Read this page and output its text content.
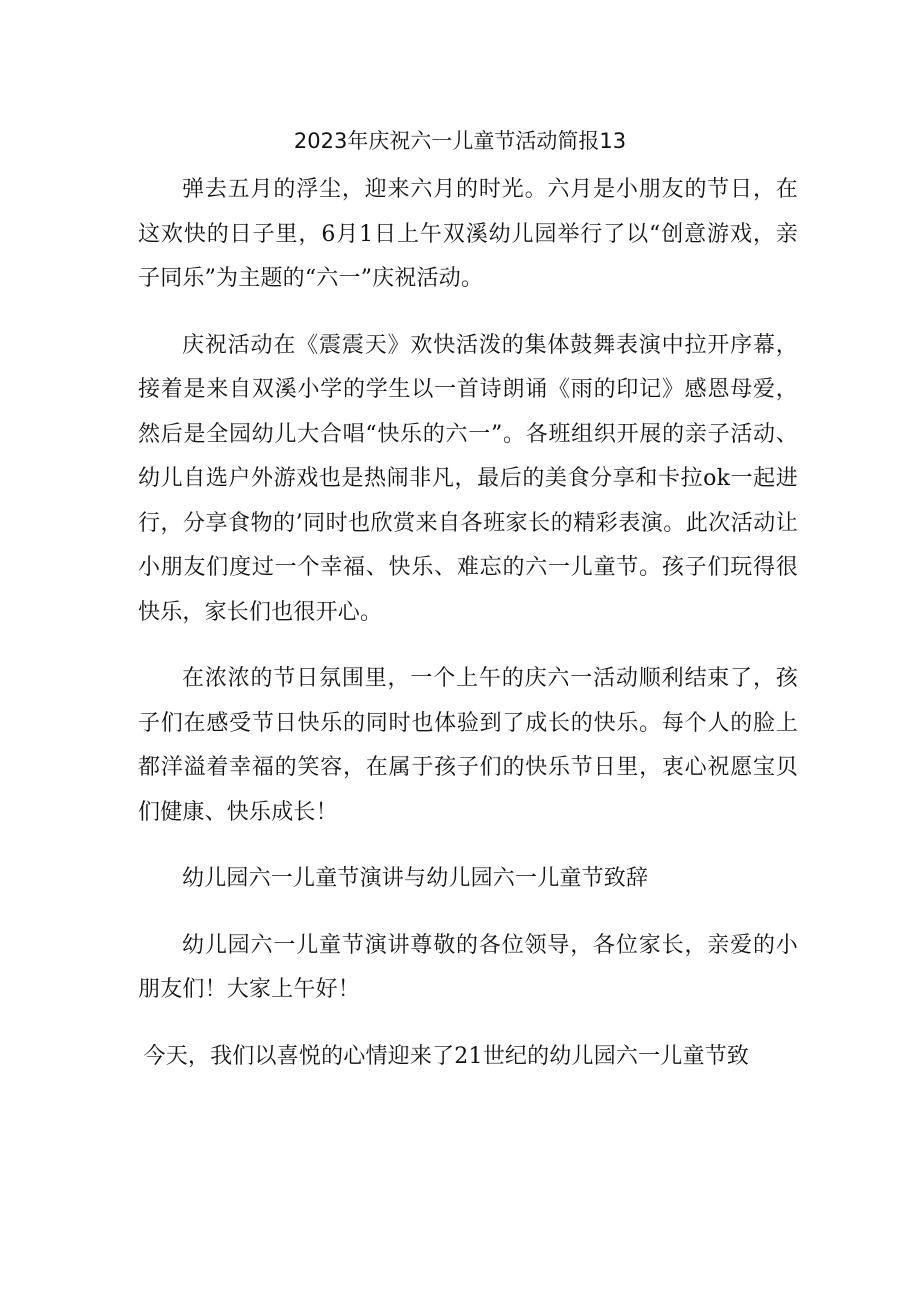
2023年庆祝六一儿童节活动简报13

弹去五月的浮尘，迎来六月的时光。六月是小朋友的节日，在这欢快的日子里，6月1日上午双溪幼儿园举行了以“创意游戏，亲子同乐”为主题的“六一”庆祝活动。

庆祝活动在《震震天》欢快活泼的集体鼓舞表演中拉开序幕，接着是来自双溪小学的学生以一首诗朗诵《雨的印记》感恩母爱，然后是全园幼儿大合唱“快乐的六一”。各班组织开展的亲子活动、幼儿自选户外游戏也是热闹非凡，最后的美食分享和卡拉ok一起进行，分享食物的’同时也欣赏来自各班家长的精彩表演。此次活动让小朋友们度过一个幸福、快乐、难忘的六一儿童节。孩子们玩得很快乐，家长们也很开心。

在浓浓的节日氛围里，一个上午的庆六一活动顺利结束了，孩子们在感受节日快乐的同时也体验到了成长的快乐。每个人的脸上都洋溢着幸福的笑容，在属于孩子们的快乐节日里，衷心祝愿宝贝们健康、快乐成长！

幼儿园六一儿童节演讲与幼儿园六一儿童节致辞

幼儿园六一儿童节演讲尊敬的各位领导，各位家长，亲爱的小朋友们！大家上午好！

今天，我们以喜悦的心情迎来了21世纪的幼儿园六一儿童节致
